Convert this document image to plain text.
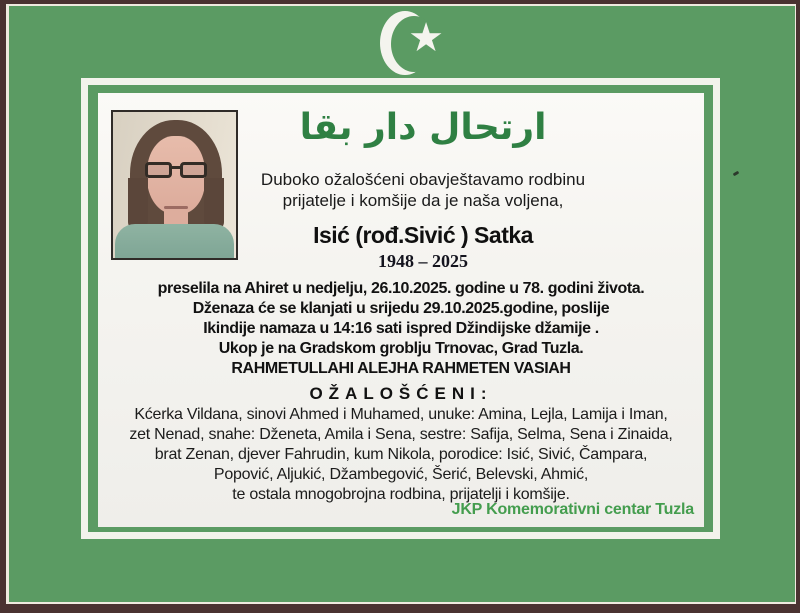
★
ارتحال دار بقا
Duboko ožalošćeni obavještavamo rodbinu
prijatelje i komšije da je naša voljena,
Isić (rođ.Sivić ) Satka
1948 – 2025
preselila na Ahiret u nedjelju, 26.10.2025. godine u 78. godini života.
Dženaza će se klanjati u srijedu 29.10.2025.godine, poslije
Ikindije namaza u 14:16 sati ispred Džindijske džamije .
Ukop je na Gradskom groblju Trnovac, Grad Tuzla.
RAHMETULLAHI ALEJHA RAHMETEN VASIAH
OŽALOŠĆENI:
Kćerka Vildana, sinovi Ahmed i Muhamed, unuke: Amina, Lejla, Lamija i Iman,
zet Nenad, snahe: Dženeta, Amila i Sena, sestre: Safija, Selma, Sena i Zinaida,
brat Zenan, djever Fahrudin, kum Nikola, porodice: Isić, Sivić, Čampara,
Popović, Aljukić, Džambegović, Šerić, Belevski, Ahmić,
te ostala mnogobrojna rodbina, prijatelji i komšije.
JKP Komemorativni centar Tuzla
